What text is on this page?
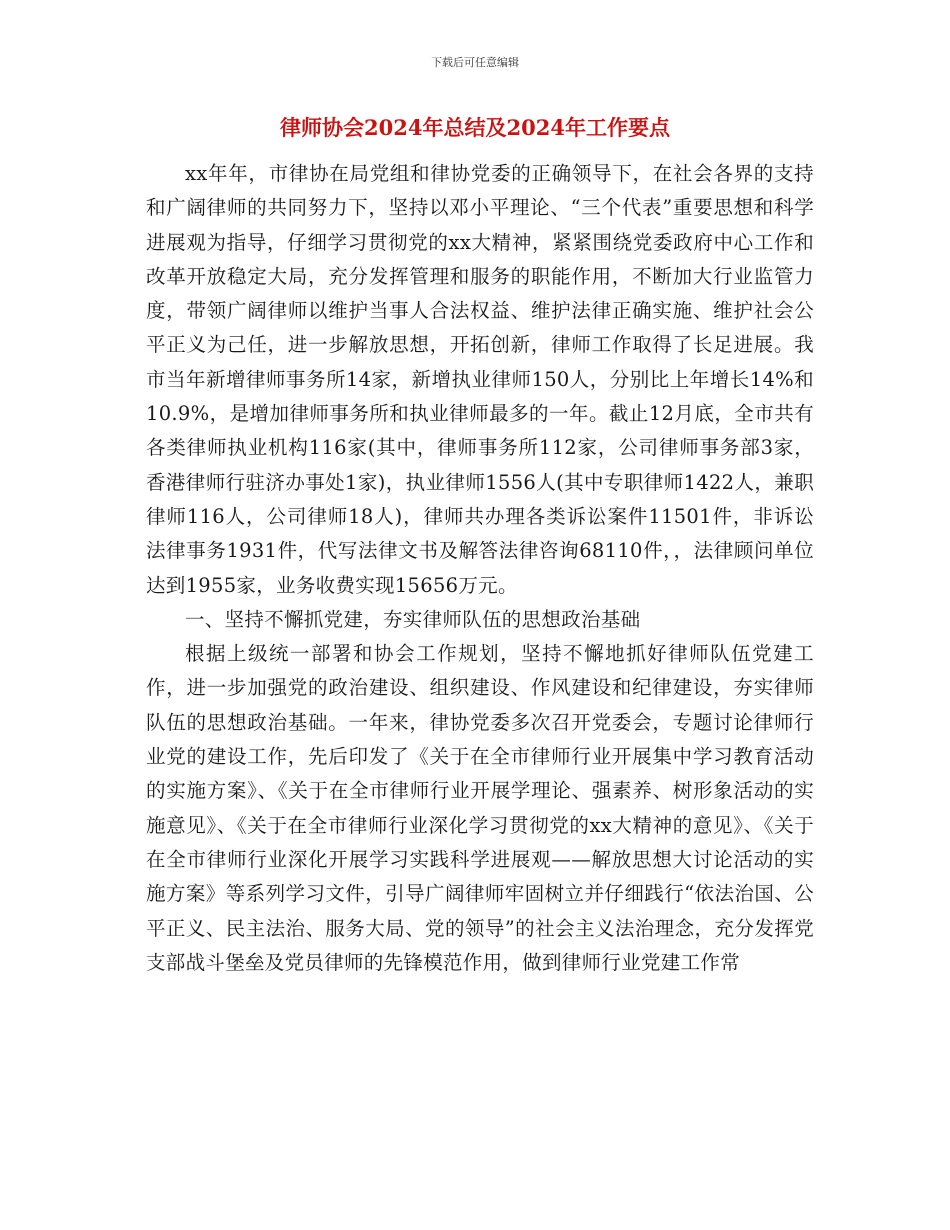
下载后可任意编辑
律师协会2024年总结及2024年工作要点

xx年年，市律协在局党组和律协党委的正确领导下，在社会各界的支持和广阔律师的共同努力下，坚持以邓小平理论、“三个代表”重要思想和科学进展观为指导，仔细学习贯彻党的xx大精神，紧紧围绕党委政府中心工作和改革开放稳定大局，充分发挥管理和服务的职能作用，不断加大行业监管力度，带领广阔律师以维护当事人合法权益、维护法律正确实施、维护社会公平正义为己任，进一步解放思想，开拓创新，律师工作取得了长足进展。我市当年新增律师事务所14家，新增执业律师150人，分别比上年增长14%和10.9%，是增加律师事务所和执业律师最多的一年。截止12月底，全市共有各类律师执业机构116家(其中，律师事务所112家，公司律师事务部3家，香港律师行驻济办事处1家)，执业律师1556人(其中专职律师1422人，兼职律师116人，公司律师18人)，律师共办理各类诉讼案件11501件，非诉讼法律事务1931件，代写法律文书及解答法律咨询68110件，，法律顾问单位达到1955家，业务收费实现15656万元。

一、坚持不懈抓党建，夯实律师队伍的思想政治基础

根据上级统一部署和协会工作规划，坚持不懈地抓好律师队伍党建工作，进一步加强党的政治建设、组织建设、作风建设和纪律建设，夯实律师队伍的思想政治基础。一年来，律协党委多次召开党委会，专题讨论律师行业党的建设工作，先后印发了《关于在全市律师行业开展集中学习教育活动的实施方案》、《关于在全市律师行业开展学理论、强素养、树形象活动的实施意见》、《关于在全市律师行业深化学习贯彻党的xx大精神的意见》、《关于在全市律师行业深化开展学习实践科学进展观——解放思想大讨论活动的实施方案》等系列学习文件，引导广阔律师牢固树立并仔细践行“依法治国、公平正义、民主法治、服务大局、党的领导”的社会主义法治理念，充分发挥党支部战斗堡垒及党员律师的先锋模范作用，做到律师行业党建工作常
